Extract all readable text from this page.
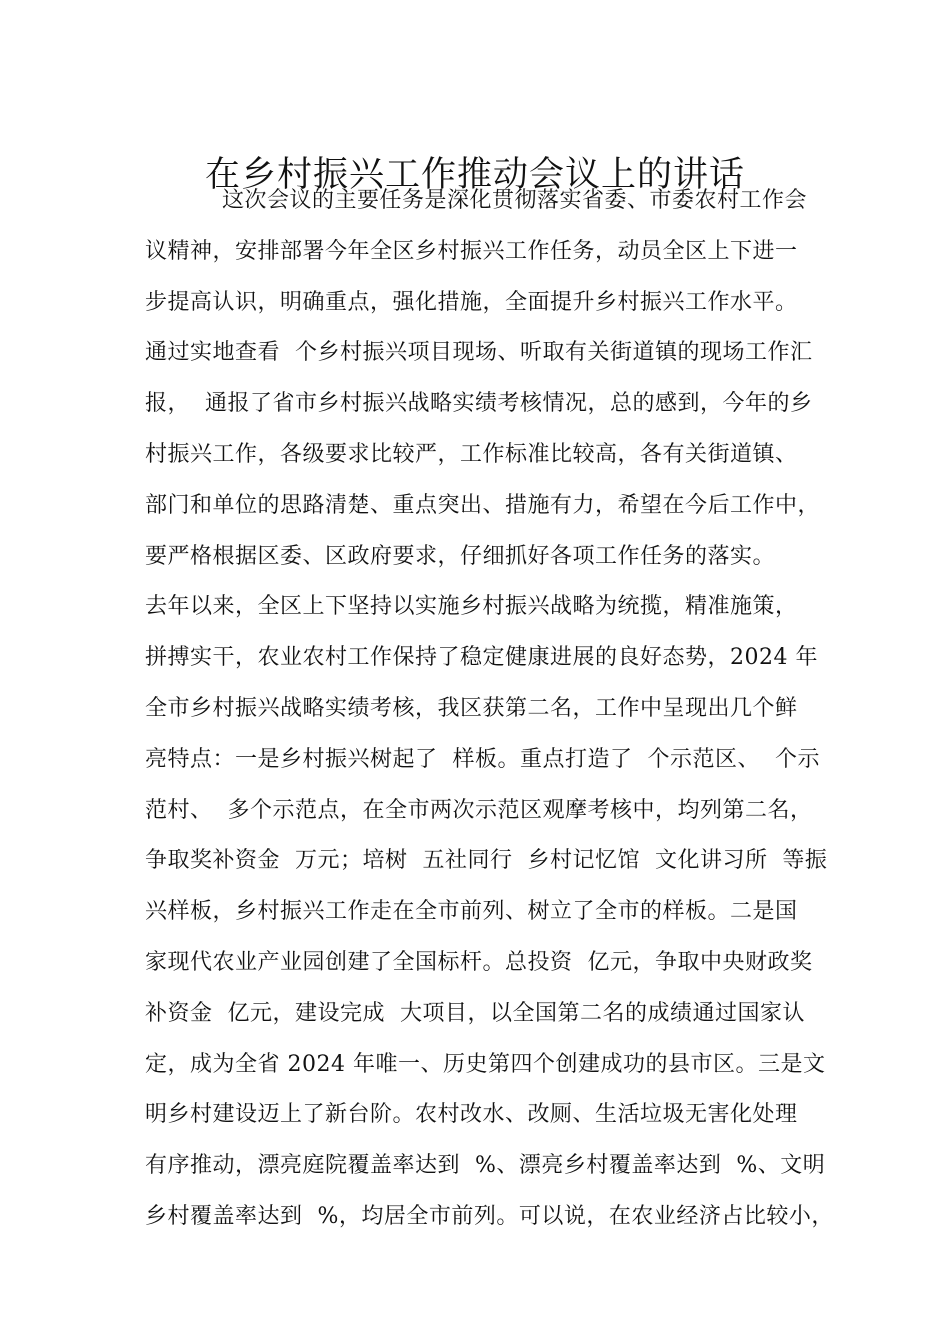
在乡村振兴工作推动会议上的讲话
这次会议的主要任务是深化贯彻落实省委、市委农村工作会
议精神，安排部署今年全区乡村振兴工作任务，动员全区上下进一
步提高认识，明确重点，强化措施，全面提升乡村振兴工作水平。
通过实地查看  个乡村振兴项目现场、听取有关街道镇的现场工作汇
报，  通报了省市乡村振兴战略实绩考核情况，总的感到，今年的乡
村振兴工作，各级要求比较严，工作标准比较高，各有关街道镇、
部门和单位的思路清楚、重点突出、措施有力，希望在今后工作中，
要严格根据区委、区政府要求，仔细抓好各项工作任务的落实。
去年以来，全区上下坚持以实施乡村振兴战略为统揽，精准施策，
拼搏实干，农业农村工作保持了稳定健康进展的良好态势，2024 年
全市乡村振兴战略实绩考核，我区获第二名，工作中呈现出几个鲜
亮特点：一是乡村振兴树起了  样板。重点打造了  个示范区、  个示
范村、  多个示范点，在全市两次示范区观摩考核中，均列第二名，
争取奖补资金  万元；培树  五社同行  乡村记忆馆  文化讲习所  等振
兴样板，乡村振兴工作走在全市前列、树立了全市的样板。二是国
家现代农业产业园创建了全国标杆。总投资  亿元，争取中央财政奖
补资金  亿元，建设完成  大项目，以全国第二名的成绩通过国家认
定，成为全省 2024 年唯一、历史第四个创建成功的县市区。三是文
明乡村建设迈上了新台阶。农村改水、改厕、生活垃圾无害化处理
有序推动，漂亮庭院覆盖率达到  %、漂亮乡村覆盖率达到  %、文明
乡村覆盖率达到  %，均居全市前列。可以说，在农业经济占比较小，
